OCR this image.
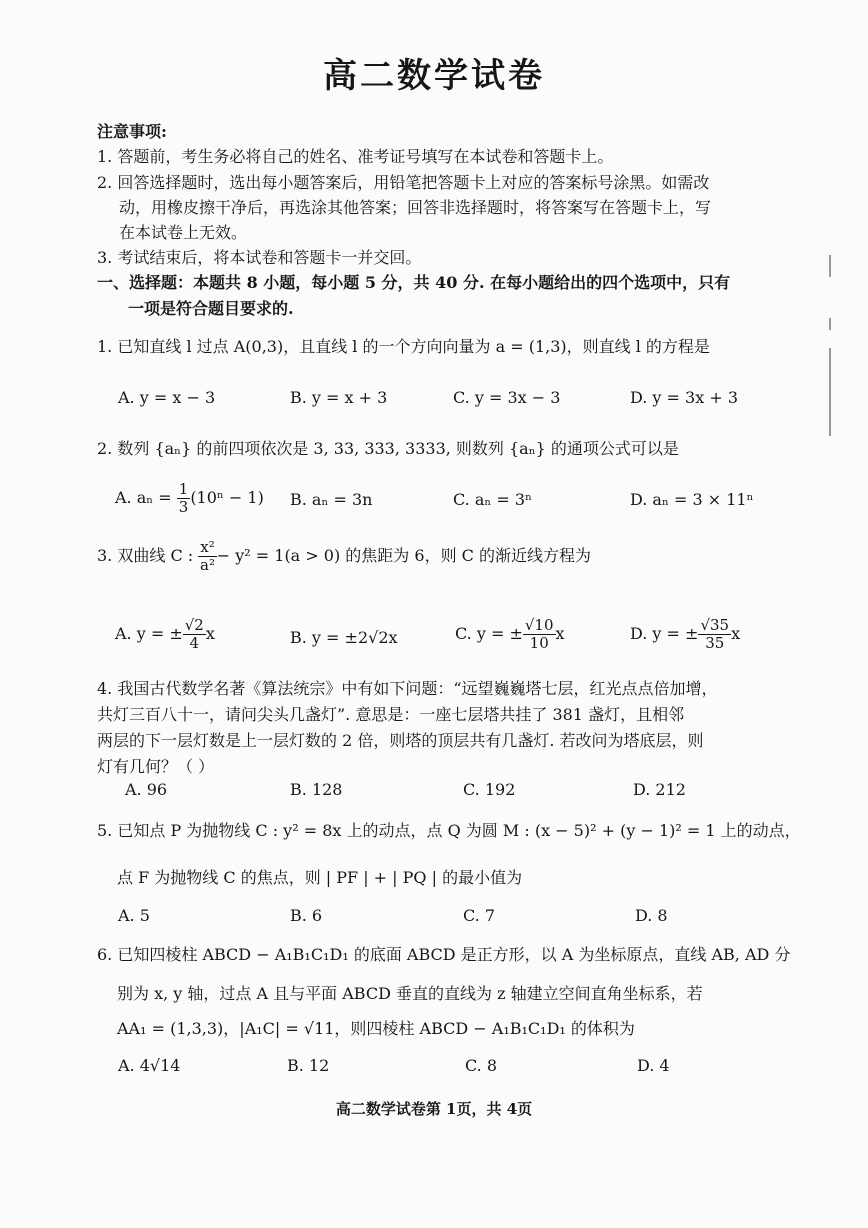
高二数学试卷
注意事项:
1. 答题前，考生务必将自己的姓名、准考证号填写在本试卷和答题卡上。
2. 回答选择题时，选出每小题答案后，用铅笔把答题卡上对应的答案标号涂黑。如需改
动，用橡皮擦干净后，再选涂其他答案；回答非选择题时，将答案写在答题卡上，写
在本试卷上无效。
3. 考试结束后，将本试卷和答题卡一并交回。
一、选择题：本题共 8 小题，每小题 5 分，共 40 分. 在每小题给出的四个选项中，只有
一项是符合题目要求的.
1. 已知直线 l 过点 A(0,3)，且直线 l 的一个方向向量为 a = (1,3)，则直线 l 的方程是
A. y = x − 3	B. y = x + 3	C. y = 3x − 3	D. y = 3x + 3
2. 数列 {aₙ} 的前四项依次是 3, 33, 333, 3333, 则数列 {aₙ} 的通项公式可以是
A. $a_n = \frac{1}{3} (10^n - 1)$ B. aₙ = 3n	C. aₙ = 3ⁿ	D. aₙ = 3 × 11ⁿ
3. 双曲线 C : $\frac{\text{x²}}{\text{a²}} - y^2 = 1(a > 0)$ 的焦距为 6，则 C 的渐近线方程为
A. y = ± $\frac{√2}{4}$ x	B. y = ±2√2x	C. y = ± $\frac{√10}{10}$ x	D. y = ± $\frac{√35}{35}$ x
4. 我国古代数学名著《算法统宗》中有如下问题：“远望巍巍塔七层，红光点点倍加增，
共灯三百八十一，请问尖头几盏灯”. 意思是：一座七层塔共挂了 381 盏灯，且相邻
两层的下一层灯数是上一层灯数的 2 倍，则塔的顶层共有几盏灯. 若改问为塔底层，则
灯有几何？（ ）
A. 96	B. 128	C. 192	D. 212
5. 已知点 P 为抛物线 C : y² = 8x 上的动点，点 Q 为圆 M : (x − 5)² + (y − 1)² = 1 上的动点，
点 F 为抛物线 C 的焦点，则 | PF | + | PQ | 的最小值为
A. 5	B. 6	C. 7	D. 8
6. 已知四棱柱 ABCD − A₁B₁C₁D₁ 的底面 ABCD 是正方形，以 A 为坐标原点，直线 AB, AD 分
别为 x, y 轴，过点 A 且与平面 ABCD 垂直的直线为 z 轴建立空间直角坐标系，若
AA₁ = (1,3,3)，|A₁C| = √11，则四棱柱 ABCD − A₁B₁C₁D₁ 的体积为
A. 4√14	B. 12	C. 8	D. 4
高二数学试卷第 1页，共 4页
